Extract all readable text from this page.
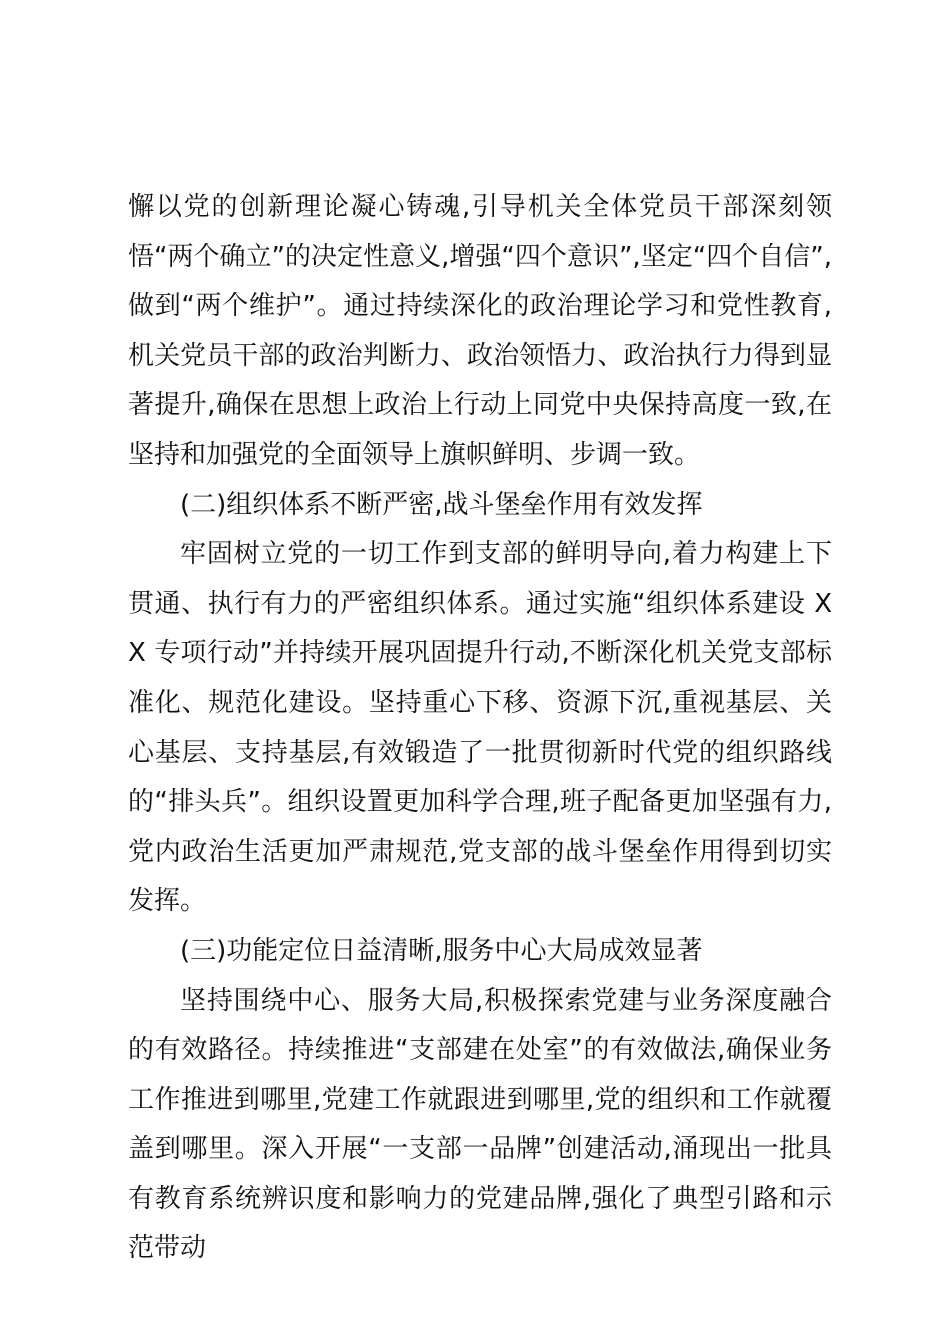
懈以党的创新理论凝心铸魂,引导机关全体党员干部深刻领悟“两个确立”的决定性意义,增强“四个意识”,坚定“四个自信”,做到“两个维护”。通过持续深化的政治理论学习和党性教育,机关党员干部的政治判断力、政治领悟力、政治执行力得到显著提升,确保在思想上政治上行动上同党中央保持高度一致,在坚持和加强党的全面领导上旗帜鲜明、步调一致。

(二)组织体系不断严密,战斗堡垒作用有效发挥

牢固树立党的一切工作到支部的鲜明导向,着力构建上下贯通、执行有力的严密组织体系。通过实施“组织体系建设 XX 专项行动”并持续开展巩固提升行动,不断深化机关党支部标准化、规范化建设。坚持重心下移、资源下沉,重视基层、关心基层、支持基层,有效锻造了一批贯彻新时代党的组织路线的“排头兵”。组织设置更加科学合理,班子配备更加坚强有力,党内政治生活更加严肃规范,党支部的战斗堡垒作用得到切实发挥。

(三)功能定位日益清晰,服务中心大局成效显著

坚持围绕中心、服务大局,积极探索党建与业务深度融合的有效路径。持续推进“支部建在处室”的有效做法,确保业务工作推进到哪里,党建工作就跟进到哪里,党的组织和工作就覆盖到哪里。深入开展“一支部一品牌”创建活动,涌现出一批具有教育系统辨识度和影响力的党建品牌,强化了典型引路和示范带动
